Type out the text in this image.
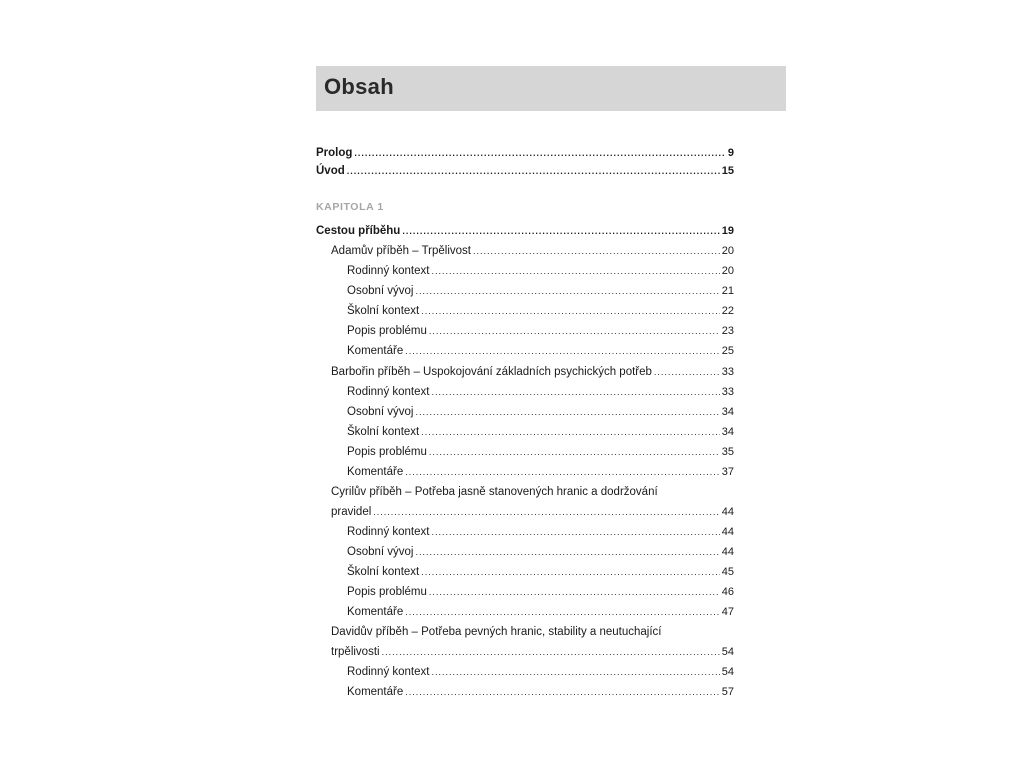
Obsah
Prolog .....	9
Úvod .....	15
KAPITOLA 1
Cestou příběhu .....	19
Adamův příběh – Trpělivost .....	20
Rodinný kontext .....	20
Osobní vývoj .....	21
Školní kontext .....	22
Popis problému .....	23
Komentáře .....	25
Barbořin příběh – Uspokojování základních psychických potřeb .....	33
Rodinný kontext .....	33
Osobní vývoj .....	34
Školní kontext .....	34
Popis problému .....	35
Komentáře .....	37
Cyrilův příběh – Potřeba jasně stanovených hranic a dodržování
pravidel .....	44
Rodinný kontext .....	44
Osobní vývoj .....	44
Školní kontext .....	45
Popis problému .....	46
Komentáře .....	47
Davidův příběh – Potřeba pevných hranic, stability a neutuchající
trpělivosti .....	54
Rodinný kontext .....	54
Komentáře .....	57
